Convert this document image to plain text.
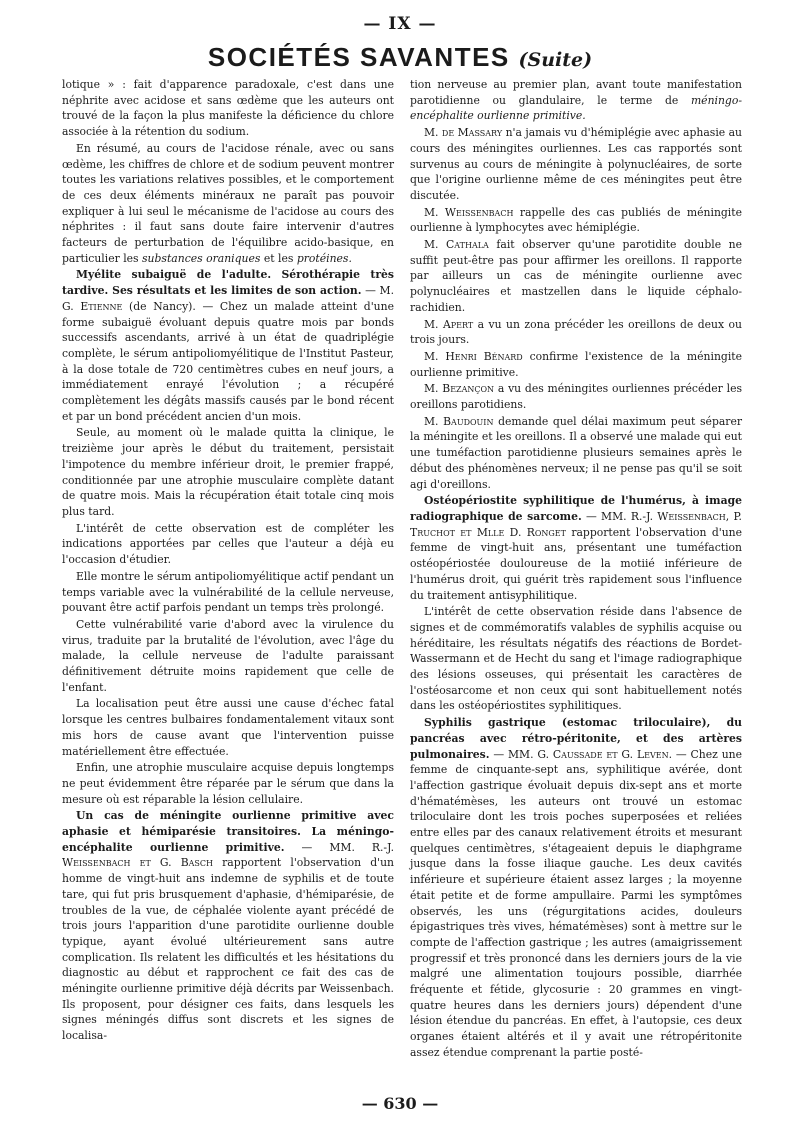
— IX —
SOCIÉTÉS SAVANTES (Suite)

lotique » : fait d'apparence paradoxale, c'est dans une néphrite avec acidose et sans œdème que les auteurs ont trouvé de la façon la plus manifeste la déficience du chlore associée à la rétention du sodium.

En résumé, au cours de l'acidose rénale, avec ou sans œdème, les chiffres de chlore et de sodium peuvent montrer toutes les variations relatives possibles, et le comportement de ces deux éléments minéraux ne paraît pas pouvoir expliquer à lui seul le mécanisme de l'acidose au cours des néphrites : il faut sans doute faire intervenir d'autres facteurs de perturbation de l'équilibre acido-basique, en particulier les substances oraniques et les protéines.

Myélite subaiguë de l'adulte. Sérothérapie très tardive. Ses résultats et les limites de son action. — M. G. Etienne (de Nancy). — Chez un malade atteint d'une forme subaiguë évoluant depuis quatre mois par bonds successifs ascendants, arrivé à un état de quadriplégie complète, le sérum antipoliomyélitique de l'Institut Pasteur, à la dose totale de 720 centimètres cubes en neuf jours, a immédiatement enrayé l'évolution ; a récupéré complètement les dégâts massifs causés par le bond récent et par un bond précédent ancien d'un mois.

Seule, au moment où le malade quitta la clinique, le treizième jour après le début du traitement, persistait l'impotence du membre inférieur droit, le premier frappé, conditionnée par une atrophie musculaire complète datant de quatre mois. Mais la récupération était totale cinq mois plus tard.

L'intérêt de cette observation est de compléter les indications apportées par celles que l'auteur a déjà eu l'occasion d'étudier.

Elle montre le sérum antipoliomyélitique actif pendant un temps variable avec la vulnérabilité de la cellule nerveuse, pouvant être actif parfois pendant un temps très prolongé.

Cette vulnérabilité varie d'abord avec la virulence du virus, traduite par la brutalité de l'évolution, avec l'âge du malade, la cellule nerveuse de l'adulte paraissant définitivement détruite moins rapidement que celle de l'enfant.

La localisation peut être aussi une cause d'échec fatal lorsque les centres bulbaires fondamentalement vitaux sont mis hors de cause avant que l'intervention puisse matériellement être effectuée.

Enfin, une atrophie musculaire acquise depuis longtemps ne peut évidemment être réparée par le sérum que dans la mesure où est réparable la lésion cellulaire.

Un cas de méningite ourlienne primitive avec aphasie et hémiparésie transitoires. La méningo-encéphalite ourlienne primitive. — MM. R.-J. Weissenbach et G. Basch rapportent l'observation d'un homme de vingt-huit ans indemne de syphilis et de toute tare, qui fut pris brusquement d'aphasie, d'hémiparésie, de troubles de la vue, de céphalée violente ayant précédé de trois jours l'apparition d'une parotidite ourlienne double typique, ayant évolué ultérieurement sans autre complication. Ils relatent les difficultés et les hésitations du diagnostic au début et rapprochent ce fait des cas de méningite ourlienne primitive déjà décrits par Weissenbach. Ils proposent, pour désigner ces faits, dans lesquels les signes méningés diffus sont discrets et les signes de localisa-

tion nerveuse au premier plan, avant toute manifestation parotidienne ou glandulaire, le terme de méningo-encéphalite ourlienne primitive.

M. de Massary n'a jamais vu d'hémiplégie avec aphasie au cours des méningites ourliennes. Les cas rapportés sont survenus au cours de méningite à polynucléaires, de sorte que l'origine ourlienne même de ces méningites peut être discutée.

M. Weissenbach rappelle des cas publiés de méningite ourlienne à lymphocytes avec hémiplégie.

M. Cathala fait observer qu'une parotidite double ne suffit peut-être pas pour affirmer les oreillons. Il rapporte par ailleurs un cas de méningite ourlienne avec polynucléaires et mastzellen dans le liquide céphalo-rachidien.

M. Apert a vu un zona précéder les oreillons de deux ou trois jours.

M. Henri Bénard confirme l'existence de la méningite ourlienne primitive.

M. Bezançon a vu des méningites ourliennes précéder les oreillons parotidiens.

M. Baudouin demande quel délai maximum peut séparer la méningite et les oreillons. Il a observé une malade qui eut une tuméfaction parotidienne plusieurs semaines après le début des phénomènes nerveux; il ne pense pas qu'il se soit agi d'oreillons.

Ostéopériostite syphilitique de l'humérus, à image radiographique de sarcome. — MM. R.-J. Weissenbach, P. Truchot et Mlle D. Ronget rapportent l'observation d'une femme de vingt-huit ans, présentant une tuméfaction ostéopériostée douloureuse de la motiié inférieure de l'humérus droit, qui guérit très rapidement sous l'influence du traitement antisyphilitique.

L'intérêt de cette observation réside dans l'absence de signes et de commémoratifs valables de syphilis acquise ou héréditaire, les résultats négatifs des réactions de Bordet-Wassermann et de Hecht du sang et l'image radiographique des lésions osseuses, qui présentait les caractères de l'ostéosarcome et non ceux qui sont habituellement notés dans les ostéopériostites syphilitiques.

Syphilis gastrique (estomac triloculaire), du pancréas avec rétro-péritonite, et des artères pulmonaires. — MM. G. Caussade et G. Leven. — Chez une femme de cinquante-sept ans, syphilitique avérée, dont l'affection gastrique évoluait depuis dix-sept ans et morte d'hématémèses, les auteurs ont trouvé un estomac triloculaire dont les trois poches superposées et reliées entre elles par des canaux relativement étroits et mesurant quelques centimètres, s'étageaient depuis le diaphgrame jusque dans la fosse iliaque gauche. Les deux cavités inférieure et supérieure étaient assez larges ; la moyenne était petite et de forme ampullaire. Parmi les symptômes observés, les uns (régurgitations acides, douleurs épigastriques très vives, hématémèses) sont à mettre sur le compte de l'affection gastrique ; les autres (amaigrissement progressif et très prononcé dans les derniers jours de la vie malgré une alimentation toujours possible, diarrhée fréquente et fétide, glycosurie : 20 grammes en vingt-quatre heures dans les derniers jours) dépendent d'une lésion étendue du pancréas. En effet, à l'autopsie, ces deux organes étaient altérés et il y avait une rétropéritonite assez étendue comprenant la partie posté-

— 630 —
